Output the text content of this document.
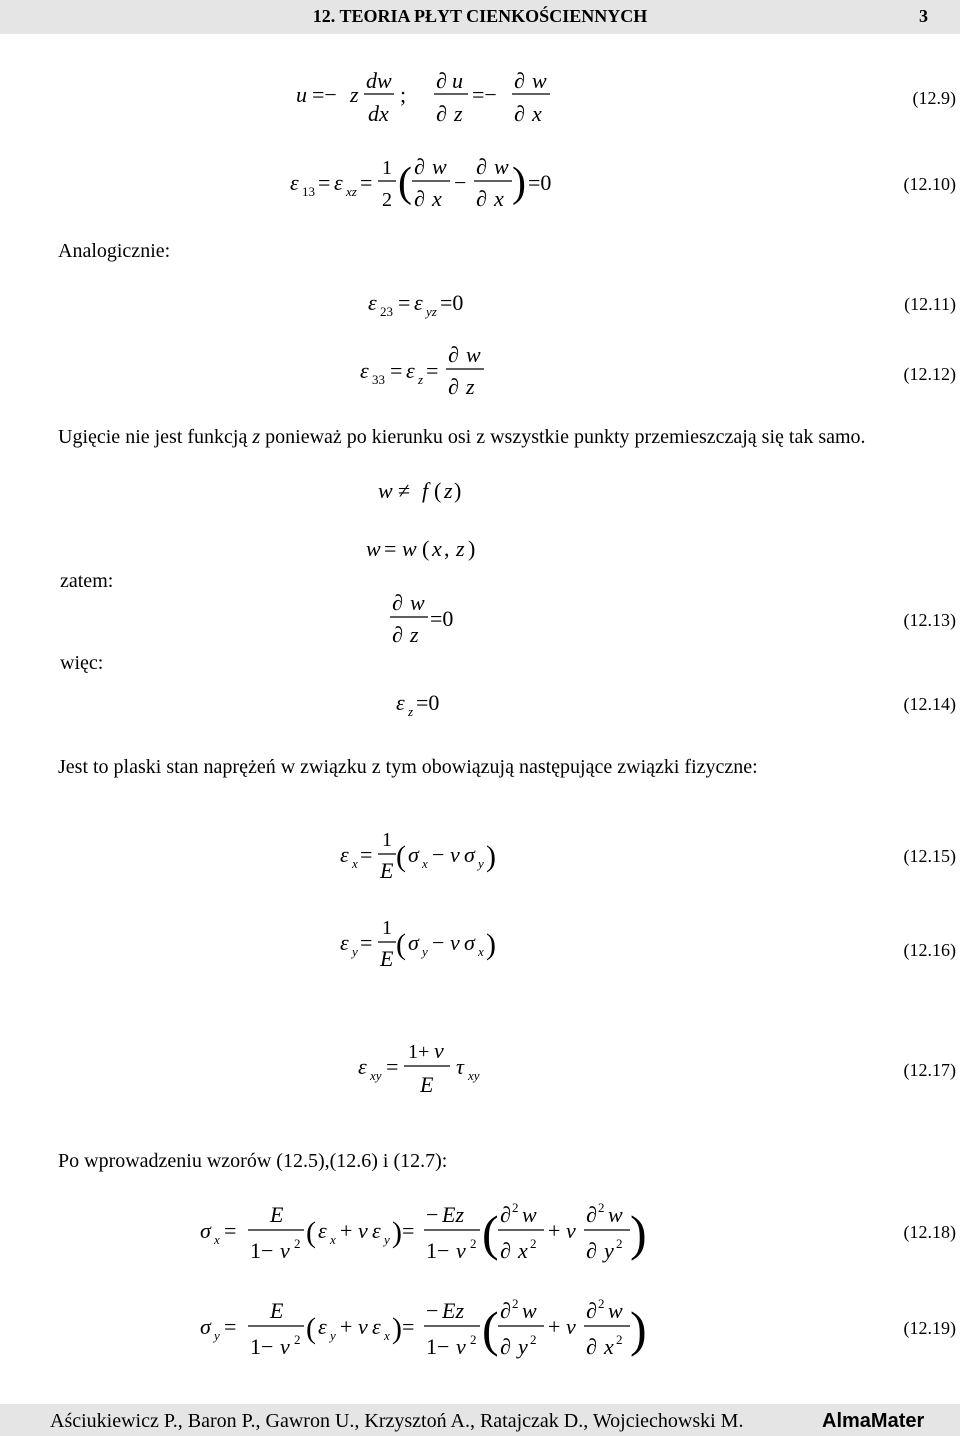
12. TEORIA PŁYT CIENKOŚCIENNYCH	3
u =− z
dw
dx
;
∂ u
∂ z
=−
∂ w
∂ x
(12.9)
ε 13 = ε xz =
1
2 ( ∂ w
∂ x
−
∂ w
∂ x ) =0	(12.10)
Analogicznie:
ε 23 = ε yz =0	(12.11)
ε 33 = ε z =
∂ w
∂ z	(12.12)
Ugięcie nie jest funkcją z ponieważ po kierunku osi z wszystkie punkty przemieszczają się tak samo.
w ≠ f ( z )
w = w ( x , z )
zatem:
∂ w
∂ z
=0	(12.13)
więc:
ε z =0	(12.14)
Jest to plaski stan naprężeń w związku z tym obowiązują następujące związki fizyczne:
ε x =
1
E ( σ x − ν σ y )	(12.15)
ε y =
1
E ( σ y − ν σ x )	(12.16)
ε xy =
1+ ν
E
τ xy	(12.17)
Po wprowadzeniu wzorów (12.5),(12.6) i (12.7):
σ x =
E
1− ν 2 ( ε x + ν ε y ) =
− Ez
1− ν 2 ( ∂ 2 w
∂ x 2
+ ν
∂ 2 w
∂ y 2 )	(12.18)
σ y =
E
1− ν 2 ( ε y + ν ε x ) =
− Ez
1− ν 2 ( ∂ 2 w
∂ y 2
+ ν
∂ 2 w
∂ x 2 )	(12.19)
Aściukiewicz P., Baron P., Gawron U., Krzysztoń A., Ratajczak D., Wojciechowski M.	AlmaMater
